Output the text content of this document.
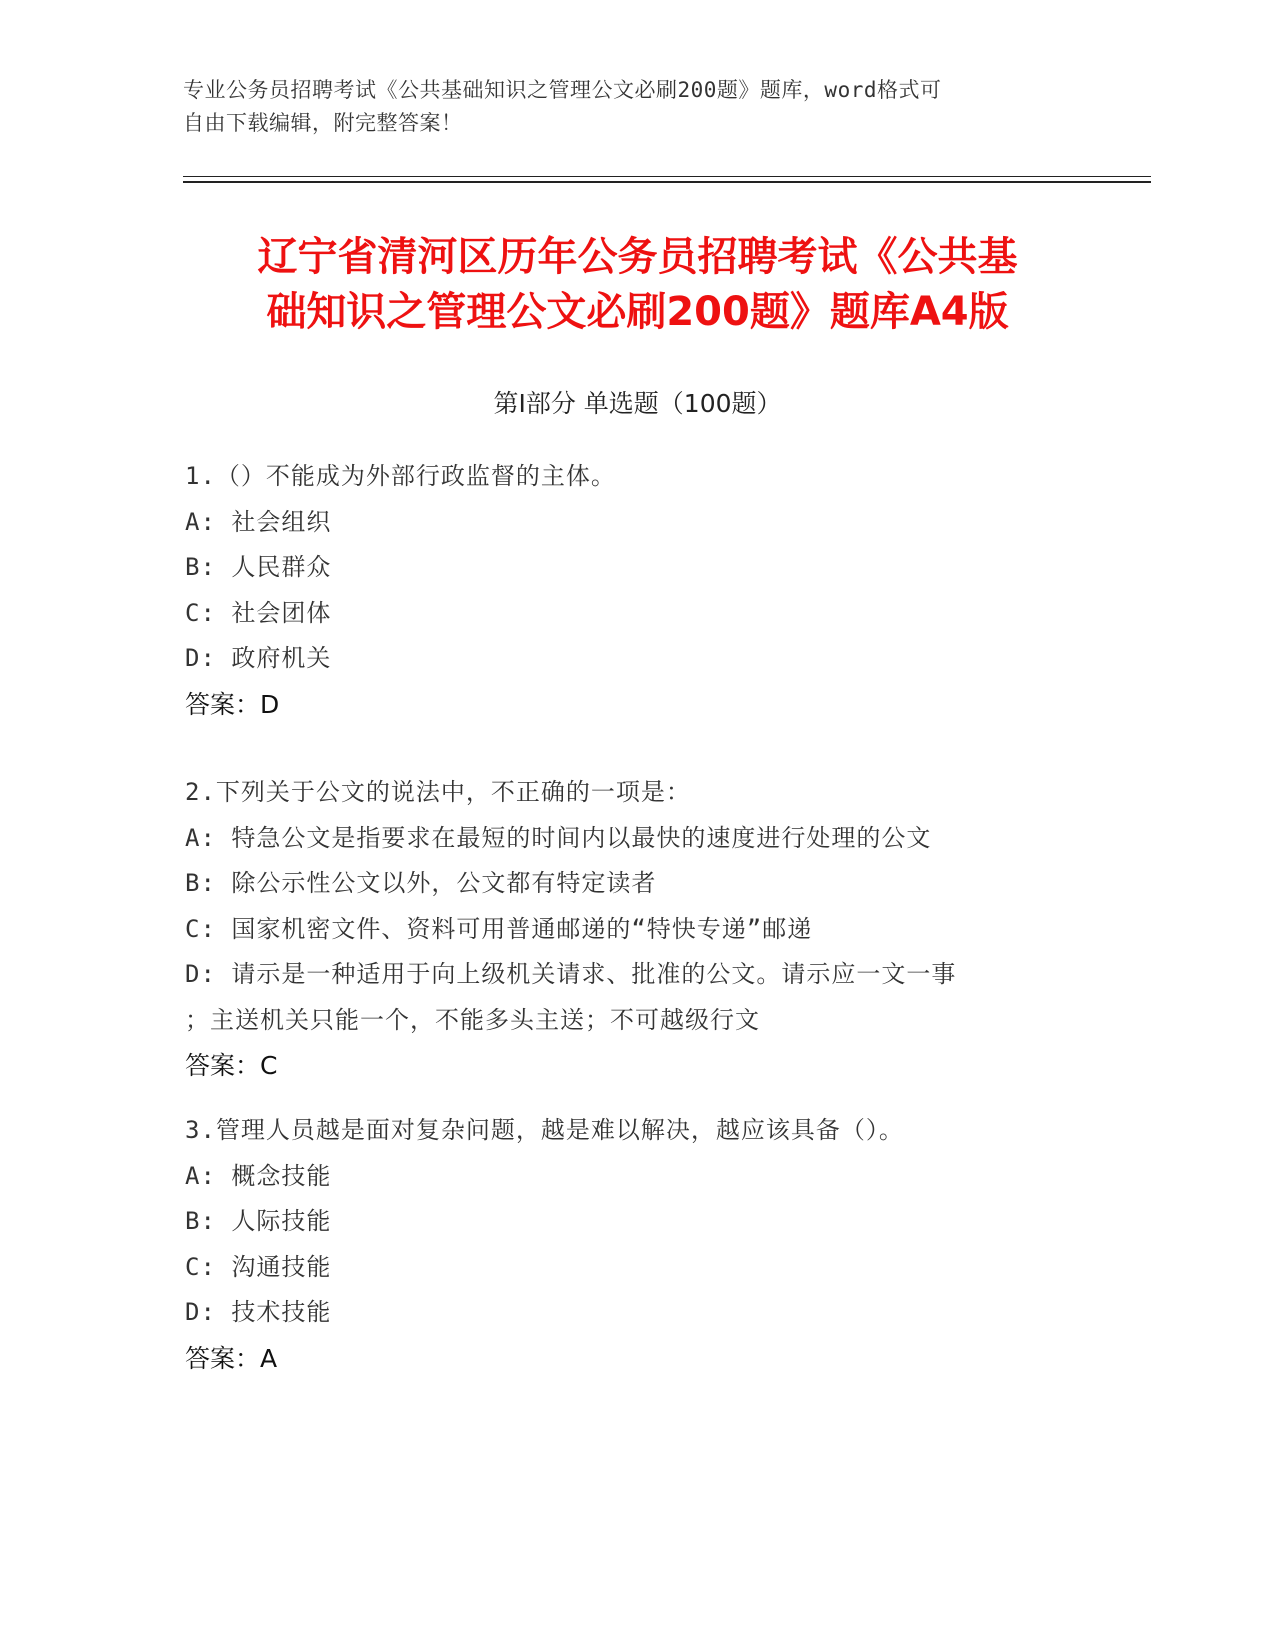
专业公务员招聘考试《公共基础知识之管理公文必刷200题》题库，word格式可
自由下载编辑，附完整答案！
辽宁省清河区历年公务员招聘考试《公共基
础知识之管理公文必刷200题》题库A4版
第Ⅰ部分 单选题（100题）
1.（）不能成为外部行政监督的主体。
A: 社会组织
B: 人民群众
C: 社会团体
D: 政府机关
答案：D
2.下列关于公文的说法中，不正确的一项是：
A: 特急公文是指要求在最短的时间内以最快的速度进行处理的公文
B: 除公示性公文以外，公文都有特定读者
C: 国家机密文件、资料可用普通邮递的“特快专递”邮递
D: 请示是一种适用于向上级机关请求、批准的公文。请示应一文一事
；主送机关只能一个，不能多头主送；不可越级行文
答案：C
3.管理人员越是面对复杂问题，越是难以解决，越应该具备（）。
A: 概念技能
B: 人际技能
C: 沟通技能
D: 技术技能
答案：A
